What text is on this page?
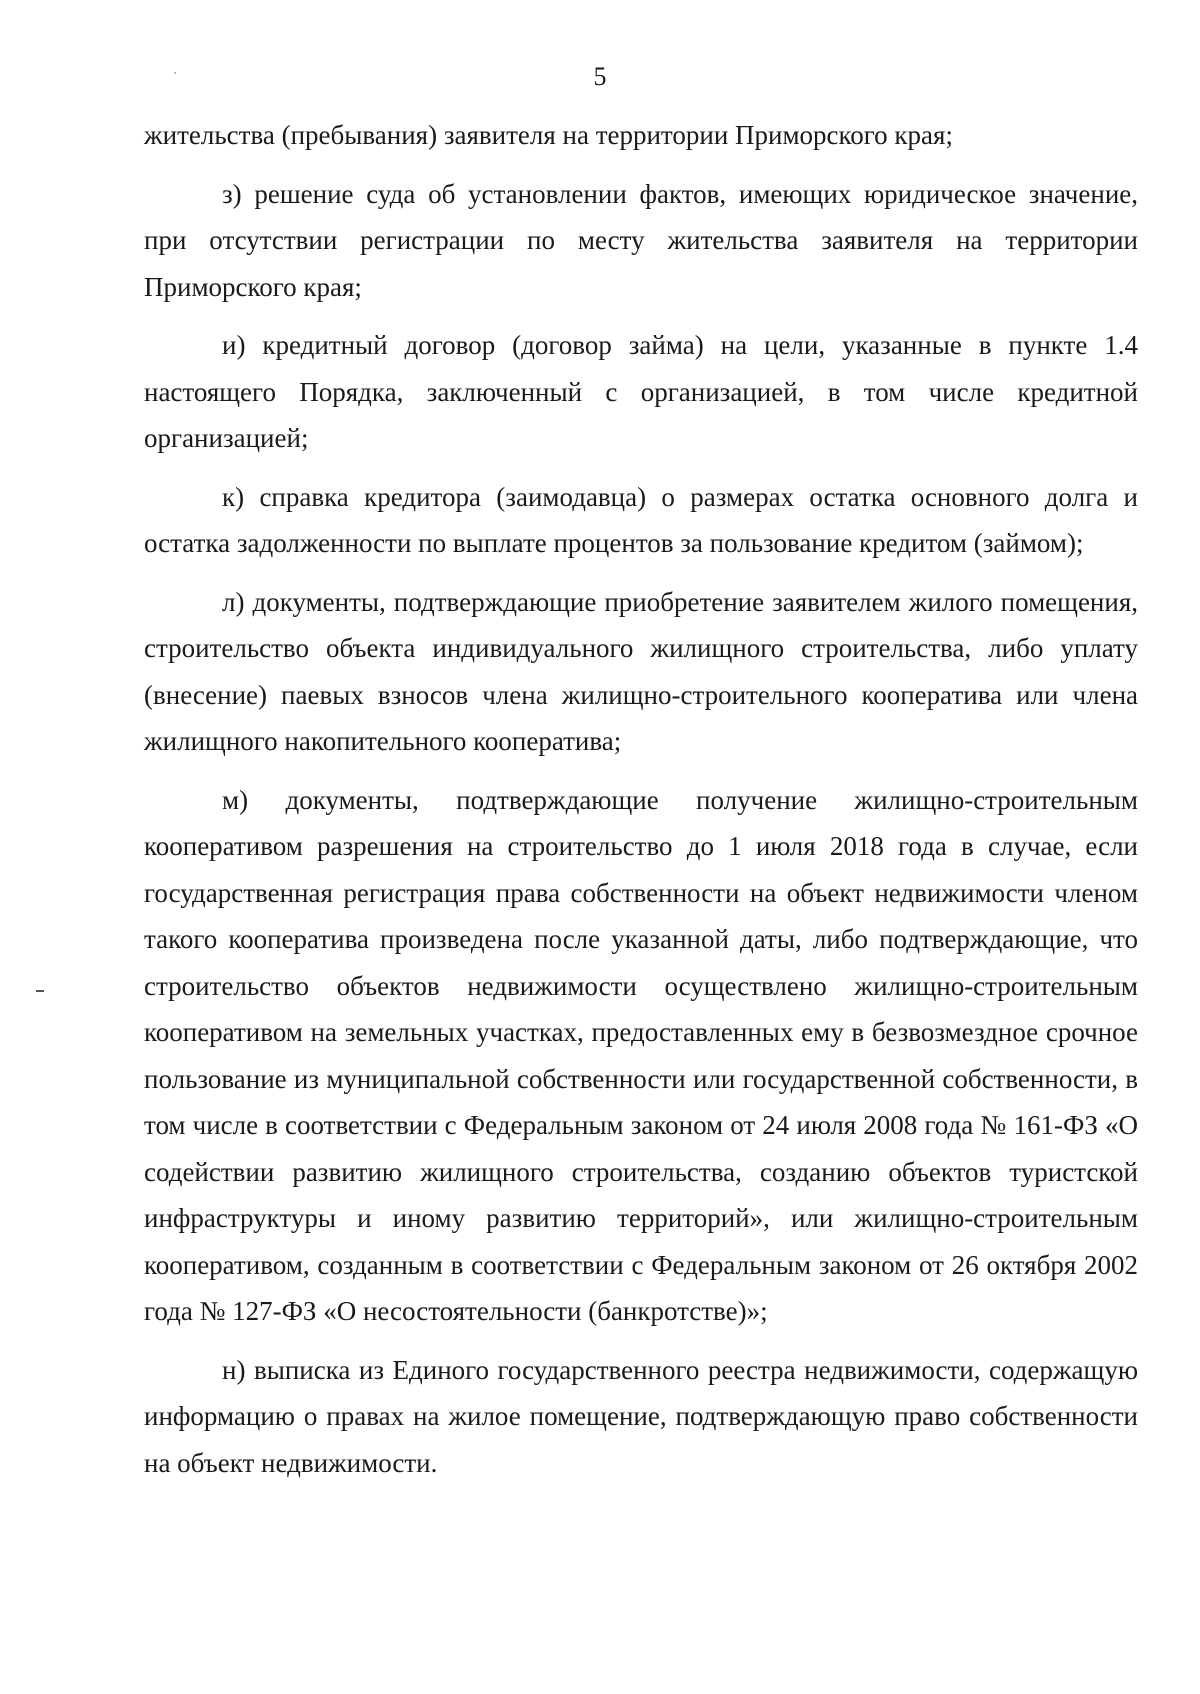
5

жительства (пребывания) заявителя на территории Приморского края;

з) решение суда об установлении фактов, имеющих юридическое значение, при отсутствии регистрации по месту жительства заявителя на территории Приморского края;

и) кредитный договор (договор займа) на цели, указанные в пункте 1.4 настоящего Порядка, заключенный с организацией, в том числе кредитной организацией;

к) справка кредитора (заимодавца) о размерах остатка основного долга и остатка задолженности по выплате процентов за пользование кредитом (займом);

л) документы, подтверждающие приобретение заявителем жилого помещения, строительство объекта индивидуального жилищного строительства, либо уплату (внесение) паевых взносов члена жилищно-строительного кооператива или члена жилищного накопительного кооператива;

м) документы, подтверждающие получение жилищно-строительным кооперативом разрешения на строительство до 1 июля 2018 года в случае, если государственная регистрация права собственности на объект недвижимости членом такого кооператива произведена после указанной даты, либо подтверждающие, что строительство объектов недвижимости осуществлено жилищно-строительным кооперативом на земельных участках, предоставленных ему в безвозмездное срочное пользование из муниципальной собственности или государственной собственности, в том числе в соответствии с Федеральным законом от 24 июля 2008 года № 161-ФЗ «О содействии развитию жилищного строительства, созданию объектов туристской инфраструктуры и иному развитию территорий», или жилищно-строительным кооперативом, созданным в соответствии с Федеральным законом от 26 октября 2002 года № 127-ФЗ «О несостоятельности (банкротстве)»;

н) выписка из Единого государственного реестра недвижимости, содержащую информацию о правах на жилое помещение, подтверждающую право собственности на объект недвижимости.
